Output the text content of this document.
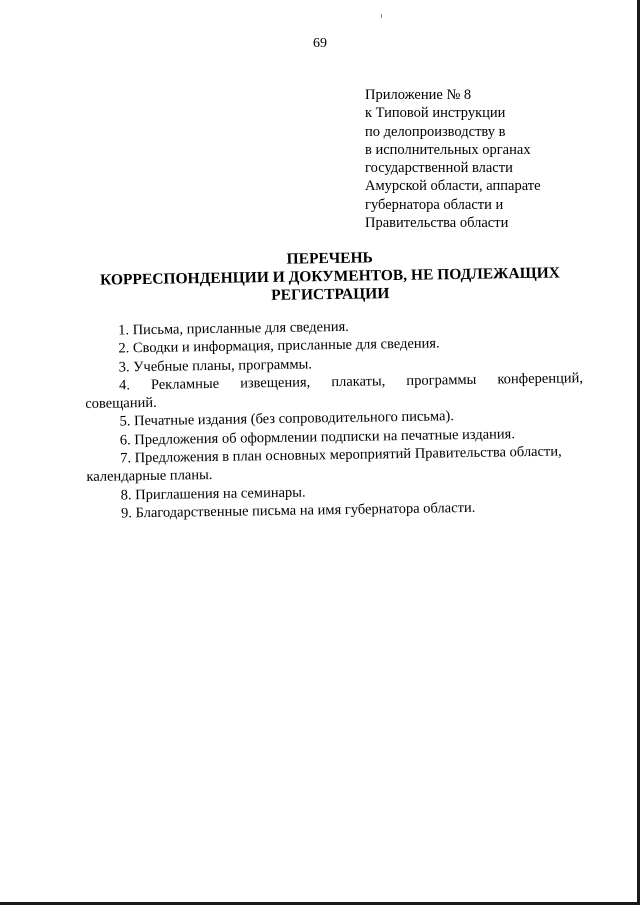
69
Приложение № 8
к Типовой инструкции
по делопроизводству в
в исполнительных органах
государственной власти
Амурской области, аппарате
губернатора области и
Правительства области
ПЕРЕЧЕНЬ
КОРРЕСПОНДЕНЦИИ И ДОКУМЕНТОВ, НЕ ПОДЛЕЖАЩИХ
РЕГИСТРАЦИИ
1. Письма, присланные для сведения.
2. Сводки и информация, присланные для сведения.
3. Учебные планы, программы.
4. Рекламные извещения, плакаты, программы конференций,
совещаний.
5. Печатные издания (без сопроводительного письма).
6. Предложения об оформлении подписки на печатные издания.
7. Предложения в план основных мероприятий Правительства области,
календарные планы.
8. Приглашения на семинары.
9. Благодарственные письма на имя губернатора области.
